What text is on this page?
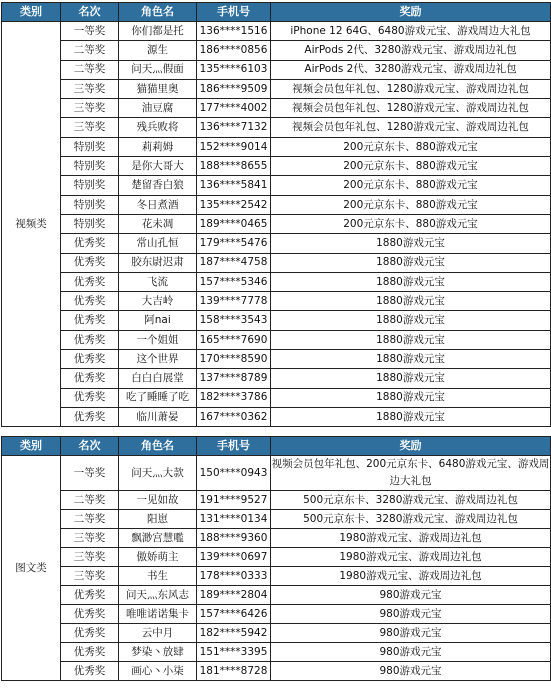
类别	名次	角色名	手机号	奖励
视频类	一等奖	你们都是托	136****1516	iPhone 12 64G、6480游戏元宝、游戏周边大礼包
	二等奖	源生	186****0856	AirPods 2代、3280游戏元宝、游戏周边礼包
	二等奖	问天灬假面	135****6103	AirPods 2代、3280游戏元宝、游戏周边礼包
	三等奖	猫猫里奥	186****9509	视频会员包年礼包、1280游戏元宝、游戏周边礼包
	三等奖	油豆腐	177****4002	视频会员包年礼包、1280游戏元宝、游戏周边礼包
	三等奖	残兵败将	136****7132	视频会员包年礼包、1280游戏元宝、游戏周边礼包
	特别奖	莉莉姆	152****9014	200元京东卡、880游戏元宝
	特别奖	是你大哥大	188****8655	200元京东卡、880游戏元宝
	特别奖	楚留香白狼	136****5841	200元京东卡、880游戏元宝
	特别奖	冬日煮酒	135****2542	200元京东卡、880游戏元宝
	特别奖	花未凋	189****0465	200元京东卡、880游戏元宝
	优秀奖	常山孔恒	179****5476	1880游戏元宝
	优秀奖	胶东尉迟肃	187****4758	1880游戏元宝
	优秀奖	飞流	157****5346	1880游戏元宝
	优秀奖	大吉岭	139****7778	1880游戏元宝
	优秀奖	阿nai	158****3543	1880游戏元宝
	优秀奖	一个姐姐	165****7690	1880游戏元宝
	优秀奖	这个世界	170****8590	1880游戏元宝
	优秀奖	白白白展堂	137****8789	1880游戏元宝
	优秀奖	吃了睡睡了吃	182****3786	1880游戏元宝
	优秀奖	临川萧晏	167****0362	1880游戏元宝
类别	名次	角色名	手机号	奖励
图文类	一等奖	问天灬大款	150****0943	视频会员包年礼包、200元京东卡、6480游戏元宝、游戏周边大礼包
	二等奖	一见如故	191****9527	500元京东卡、3280游戏元宝、游戏周边礼包
	二等奖	阳崽	131****0134	500元京东卡、3280游戏元宝、游戏周边礼包
	三等奖	飘渺宫慧嚂	188****9360	1980游戏元宝、游戏周边礼包
	三等奖	傲娇萌主	139****0697	1980游戏元宝、游戏周边礼包
	三等奖	书生	178****0333	1980游戏元宝、游戏周边礼包
	优秀奖	问天灬东风志	189****2804	980游戏元宝
	优秀奖	唯唯诺诺集卡	157****6426	980游戏元宝
	优秀奖	云中月	182****5942	980游戏元宝
	优秀奖	梦染丶放肆	151****3395	980游戏元宝
	优秀奖	画心丶小柒	181****8728	980游戏元宝
